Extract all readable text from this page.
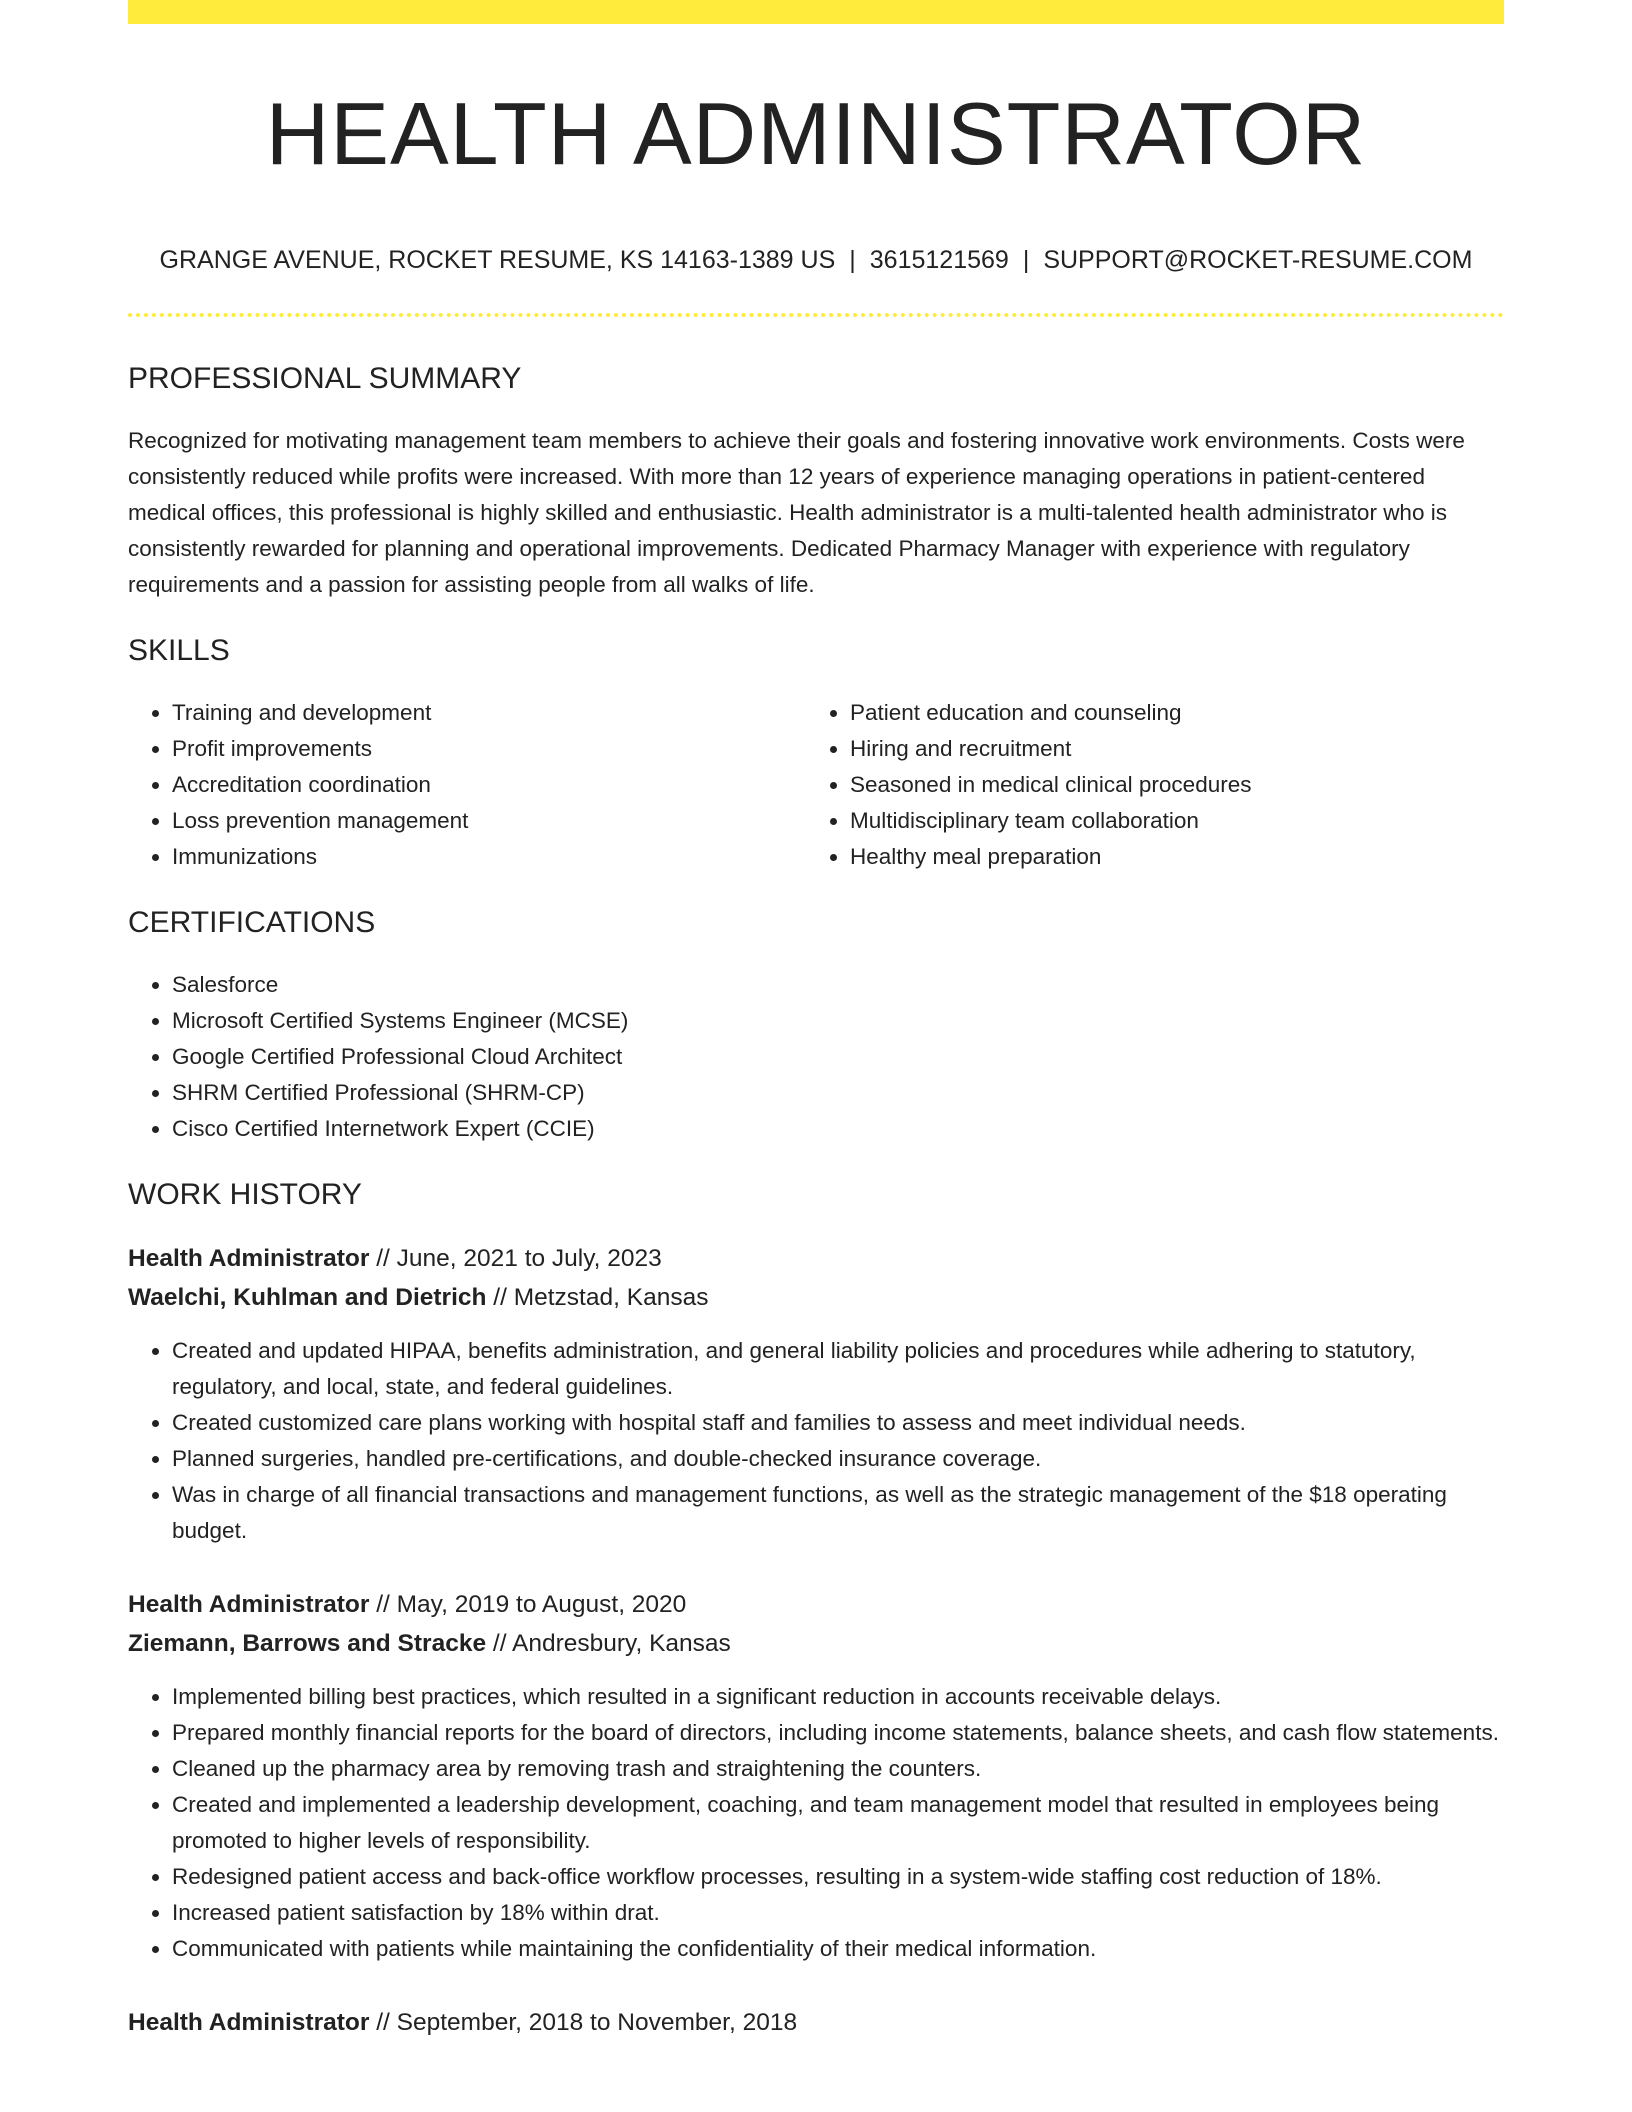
HEALTH ADMINISTRATOR
GRANGE AVENUE, ROCKET RESUME, KS 14163-1389 US | 3615121569 | SUPPORT@ROCKET-RESUME.COM
PROFESSIONAL SUMMARY

Recognized for motivating management team members to achieve their goals and fostering innovative work environments. Costs were consistently reduced while profits were increased. With more than 12 years of experience managing operations in patient-centered medical offices, this professional is highly skilled and enthusiastic. Health administrator is a multi-talented health administrator who is consistently rewarded for planning and operational improvements. Dedicated Pharmacy Manager with experience with regulatory requirements and a passion for assisting people from all walks of life.

SKILLS
• Training and development
• Profit improvements
• Accreditation coordination
• Loss prevention management
• Immunizations
• Patient education and counseling
• Hiring and recruitment
• Seasoned in medical clinical procedures
• Multidisciplinary team collaboration
• Healthy meal preparation
CERTIFICATIONS
• Salesforce
• Microsoft Certified Systems Engineer (MCSE)
• Google Certified Professional Cloud Architect
• SHRM Certified Professional (SHRM-CP)
• Cisco Certified Internetwork Expert (CCIE)
WORK HISTORY
Health Administrator // June, 2021 to July, 2023
Waelchi, Kuhlman and Dietrich // Metzstad, Kansas
• Created and updated HIPAA, benefits administration, and general liability policies and procedures while adhering to statutory, regulatory, and local, state, and federal guidelines.
• Created customized care plans working with hospital staff and families to assess and meet individual needs.
• Planned surgeries, handled pre-certifications, and double-checked insurance coverage.
• Was in charge of all financial transactions and management functions, as well as the strategic management of the $18 operating budget.
Health Administrator // May, 2019 to August, 2020
Ziemann, Barrows and Stracke // Andresbury, Kansas
• Implemented billing best practices, which resulted in a significant reduction in accounts receivable delays.
• Prepared monthly financial reports for the board of directors, including income statements, balance sheets, and cash flow statements.
• Cleaned up the pharmacy area by removing trash and straightening the counters.
• Created and implemented a leadership development, coaching, and team management model that resulted in employees being promoted to higher levels of responsibility.
• Redesigned patient access and back-office workflow processes, resulting in a system-wide staffing cost reduction of 18%.
• Increased patient satisfaction by 18% within drat.
• Communicated with patients while maintaining the confidentiality of their medical information.
Health Administrator // September, 2018 to November, 2018
